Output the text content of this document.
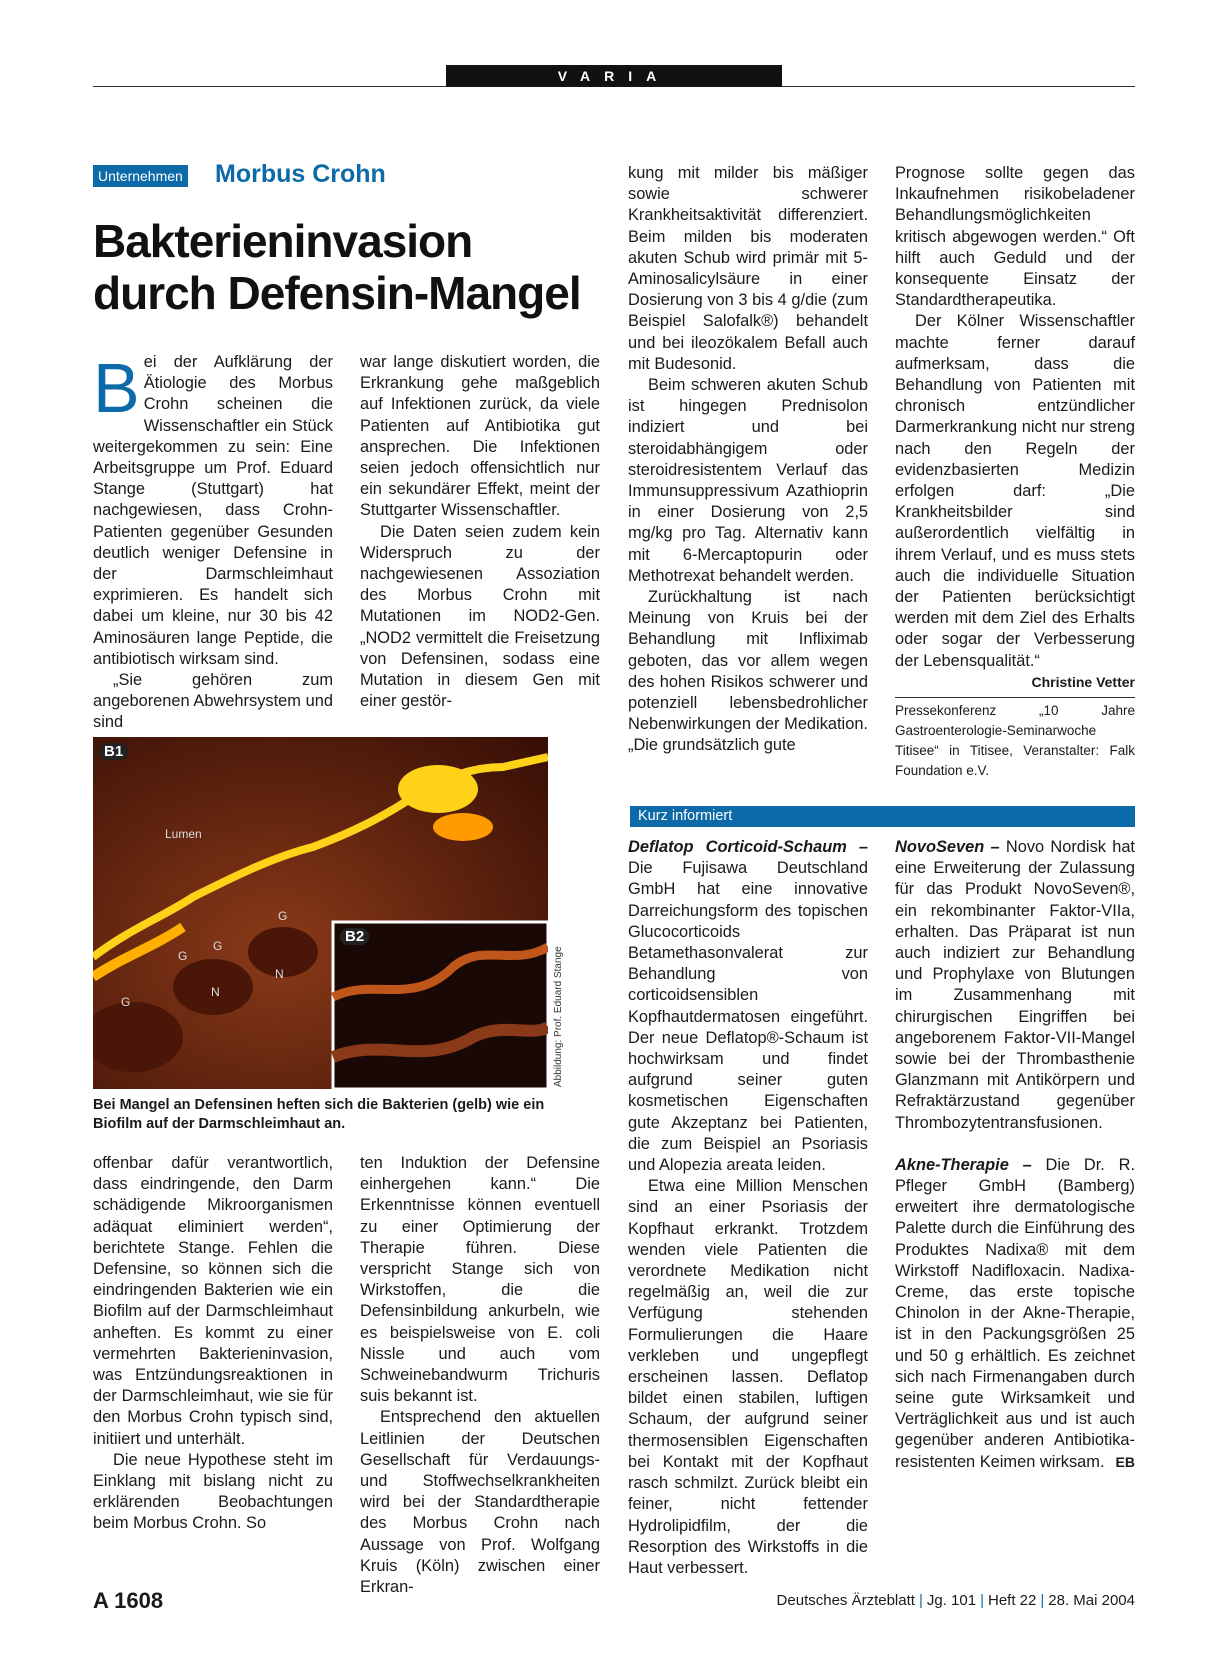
VARIA
Unternehmen Morbus Crohn
Bakterieninvasion
durch Defensin-Mangel

Bei der Aufklärung der Ätiologie des Morbus Crohn scheinen die Wissenschaftler ein Stück weitergekommen zu sein: Eine Arbeitsgruppe um Prof. Eduard Stange (Stuttgart) hat nachgewiesen, dass Crohn-Patienten gegenüber Gesunden deutlich weniger Defensine in der Darmschleimhaut exprimieren. Es handelt sich dabei um kleine, nur 30 bis 42 Aminosäuren lange Peptide, die antibiotisch wirksam sind.

„Sie gehören zum angeborenen Abwehrsystem und sind

war lange diskutiert worden, die Erkrankung gehe maßgeblich auf Infektionen zurück, da viele Patienten auf Antibiotika gut ansprechen. Die Infektionen seien jedoch offensichtlich nur ein sekundärer Effekt, meint der Stuttgarter Wissenschaftler.

Die Daten seien zudem kein Widerspruch zu der nachgewiesenen Assoziation des Morbus Crohn mit Mutationen im NOD2-Gen. „NOD2 vermittelt die Freisetzung von Defensinen, sodass eine Mutation in diesem Gen mit einer gestör-

kung mit milder bis mäßiger sowie schwerer Krankheitsaktivität differenziert. Beim milden bis moderaten akuten Schub wird primär mit 5-Aminosalicylsäure in einer Dosierung von 3 bis 4 g/die (zum Beispiel Salofalk®) behandelt und bei ileozökalem Befall auch mit Budesonid.

Beim schweren akuten Schub ist hingegen Prednisolon indiziert und bei steroidabhängigem oder steroidresistentem Verlauf das Immunsuppressivum Azathioprin in einer Dosierung von 2,5 mg/kg pro Tag. Alternativ kann mit 6-Mercaptopurin oder Methotrexat behandelt werden.

Zurückhaltung ist nach Meinung von Kruis bei der Behandlung mit Infliximab geboten, das vor allem wegen des hohen Risikos schwerer und potenziell lebensbedrohlicher Nebenwirkungen der Medikation. „Die grundsätzlich gute

Prognose sollte gegen das Inkaufnehmen risikobeladener Behandlungsmöglichkeiten kritisch abgewogen werden.“ Oft hilft auch Geduld und der konsequente Einsatz der Standardtherapeutika.

Der Kölner Wissenschaftler machte ferner darauf aufmerksam, dass die Behandlung von Patienten mit chronisch entzündlicher Darmerkrankung nicht nur streng nach den Regeln der evidenzbasierten Medizin erfolgen darf: „Die Krankheitsbilder sind außerordentlich vielfältig in ihrem Verlauf, und es muss stets auch die individuelle Situation der Patienten berücksichtigt werden mit dem Ziel des Erhalts oder sogar der Verbesserung der Lebensqualität.“
Christine Vetter

Pressekonferenz „10 Jahre Gastroenterologie-Seminarwoche Titisee“ in Titisee, Veranstalter: Falk Foundation e.V.
B1
B2
Lumen
G
G
G
G
N
N	Abbildung: Prof. Eduard Stange
Bei Mangel an Defensinen heften sich die Bakterien (gelb) wie ein Biofilm auf der Darmschleimhaut an.

offenbar dafür verantwortlich, dass eindringende, den Darm schädigende Mikroorganismen adäquat eliminiert werden“, berichtete Stange. Fehlen die Defensine, so können sich die eindringenden Bakterien wie ein Biofilm auf der Darmschleimhaut anheften. Es kommt zu einer vermehrten Bakterieninvasion, was Entzündungsreaktionen in der Darmschleimhaut, wie sie für den Morbus Crohn typisch sind, initiiert und unterhält.

Die neue Hypothese steht im Einklang mit bislang nicht zu erklärenden Beobachtungen beim Morbus Crohn. So

ten Induktion der Defensine einhergehen kann.“ Die Erkenntnisse können eventuell zu einer Optimierung der Therapie führen. Diese verspricht Stange sich von Wirkstoffen, die die Defensinbildung ankurbeln, wie es beispielsweise von E. coli Nissle und auch vom Schweinebandwurm Trichuris suis bekannt ist.

Entsprechend den aktuellen Leitlinien der Deutschen Gesellschaft für Verdauungs- und Stoffwechselkrankheiten wird bei der Standardtherapie des Morbus Crohn nach Aussage von Prof. Wolfgang Kruis (Köln) zwischen einer Erkran-

Kurz informiert

Deflatop Corticoid-Schaum – Die Fujisawa Deutschland GmbH hat eine innovative Darreichungsform des topischen Glucocorticoids Betamethasonvalerat zur Behandlung von corticoidsensiblen Kopfhautdermatosen eingeführt. Der neue Deflatop®-Schaum ist hochwirksam und findet aufgrund seiner guten kosmetischen Eigenschaften gute Akzeptanz bei Patienten, die zum Beispiel an Psoriasis und Alopezia areata leiden.

Etwa eine Million Menschen sind an einer Psoriasis der Kopfhaut erkrankt. Trotzdem wenden viele Patienten die verordnete Medikation nicht regelmäßig an, weil die zur Verfügung stehenden Formulierungen die Haare verkleben und ungepflegt erscheinen lassen. Deflatop bildet einen stabilen, luftigen Schaum, der aufgrund seiner thermosensiblen Eigenschaften bei Kontakt mit der Kopfhaut rasch schmilzt. Zurück bleibt ein feiner, nicht fettender Hydrolipidfilm, der die Resorption des Wirkstoffs in die Haut verbessert.

NovoSeven – Novo Nordisk hat eine Erweiterung der Zulassung für das Produkt NovoSeven®, ein rekombinanter Faktor-VIIa, erhalten. Das Präparat ist nun auch indiziert zur Behandlung und Prophylaxe von Blutungen im Zusammenhang mit chirurgischen Eingriffen bei angeborenem Faktor-VII-Mangel sowie bei der Thrombasthenie Glanzmann mit Antikörpern und Refraktärzustand gegenüber Thrombozytentransfusionen.

Akne-Therapie – Die Dr. R. Pfleger GmbH (Bamberg) erweitert ihre dermatologische Palette durch die Einführung des Produktes Nadixa® mit dem Wirkstoff Nadifloxacin. Nadixa-Creme, das erste topische Chinolon in der Akne-Therapie, ist in den Packungsgrößen 25 und 50 g erhältlich. Es zeichnet sich nach Firmenangaben durch seine gute Wirksamkeit und Verträglichkeit aus und ist auch gegenüber anderen Antibiotika-resistenten Keimen wirksam. EB

A 1608	Deutsches Ärzteblatt | Jg. 101 | Heft 22 | 28. Mai 2004
